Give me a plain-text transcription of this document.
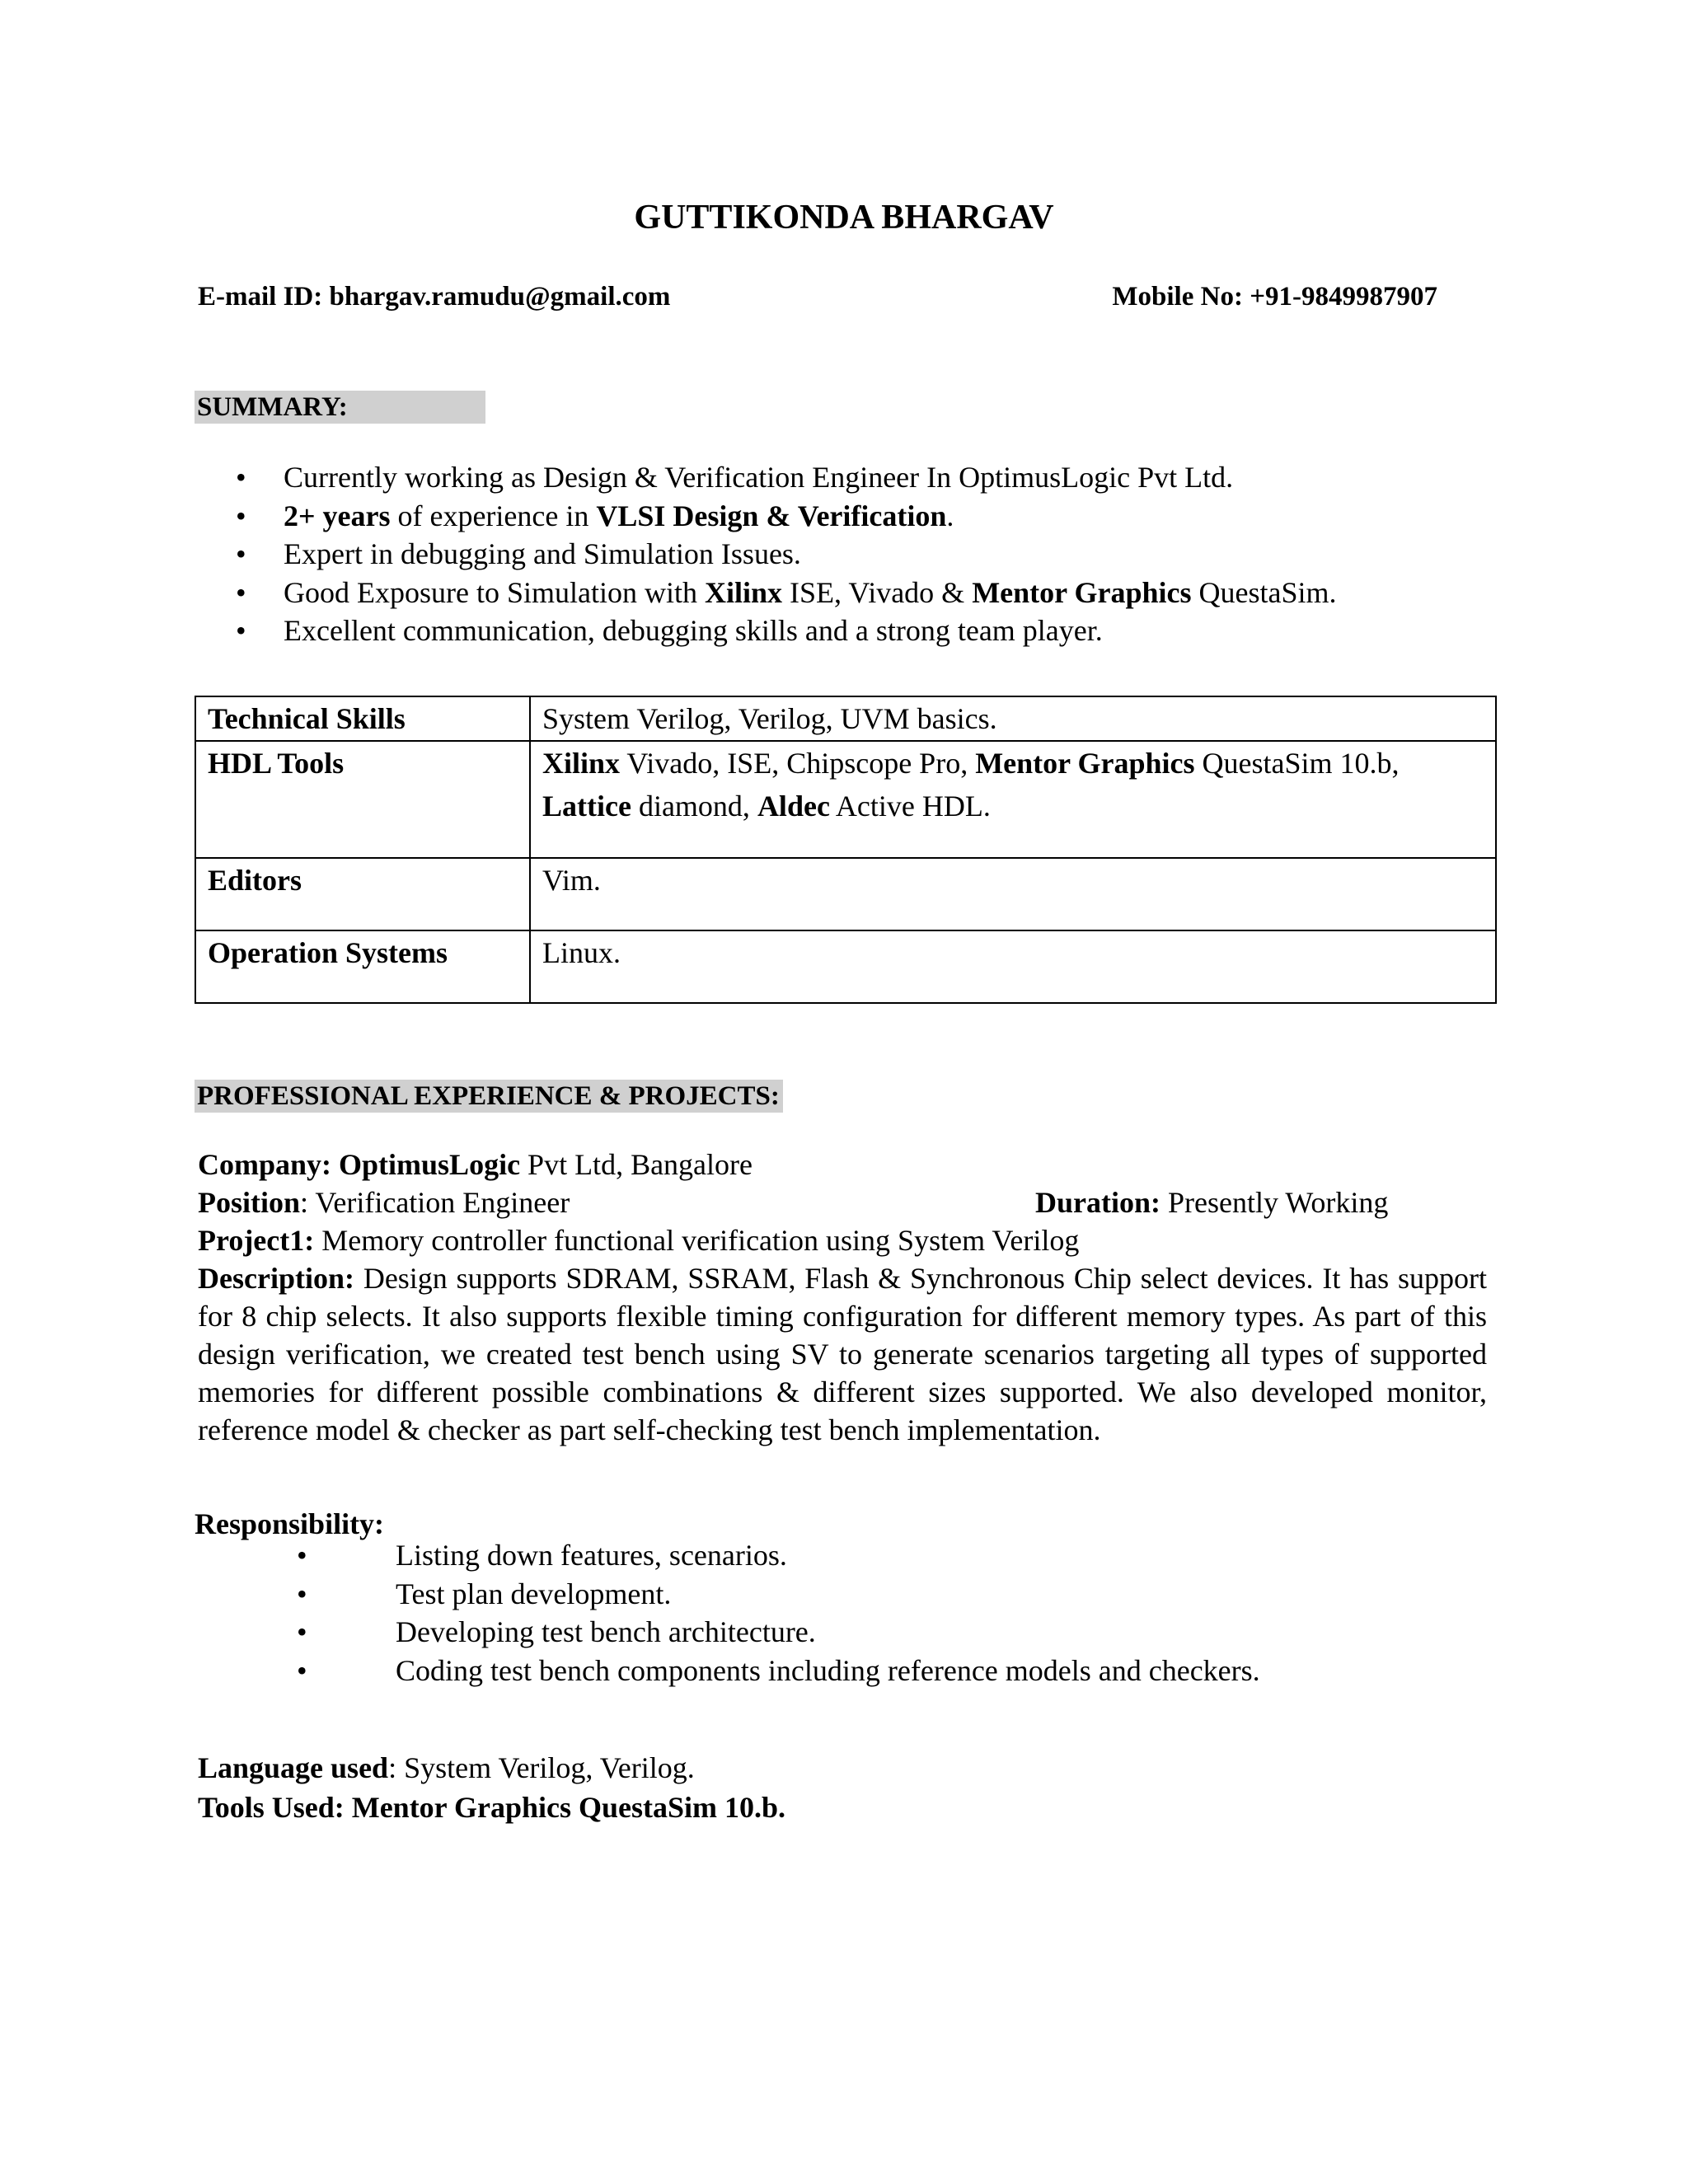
GUTTIKONDA BHARGAV
E-mail ID: bhargav.ramudu@gmail.com	Mobile No: +91-9849987907
SUMMARY:
• Currently working as Design & Verification Engineer In OptimusLogic Pvt Ltd.
• 2+ years of experience in VLSI Design & Verification.
• Expert in debugging and Simulation Issues.
• Good Exposure to Simulation with Xilinx ISE, Vivado & Mentor Graphics QuestaSim.
• Excellent communication, debugging skills and a strong team player.
Technical Skills	System Verilog, Verilog, UVM basics.
HDL Tools	Xilinx Vivado, ISE, Chipscope Pro, Mentor Graphics QuestaSim 10.b, Lattice diamond, Aldec Active HDL.
Editors	Vim.
Operation Systems	Linux.
PROFESSIONAL EXPERIENCE & PROJECTS:
Company: OptimusLogic Pvt Ltd, Bangalore
Position: Verification Engineer	Duration: Presently Working
Project1: Memory controller functional verification using System Verilog
Description: Design supports SDRAM, SSRAM, Flash & Synchronous Chip select devices. It has support for 8 chip selects. It also supports flexible timing configuration for different memory types. As part of this design verification, we created test bench using SV to generate scenarios targeting all types of supported memories for different possible combinations & different sizes supported. We also developed monitor, reference model & checker as part self-checking test bench implementation.
Responsibility:
• Listing down features, scenarios.
• Test plan development.
• Developing test bench architecture.
• Coding test bench components including reference models and checkers.
Language used: System Verilog, Verilog.
Tools Used: Mentor Graphics QuestaSim 10.b.
